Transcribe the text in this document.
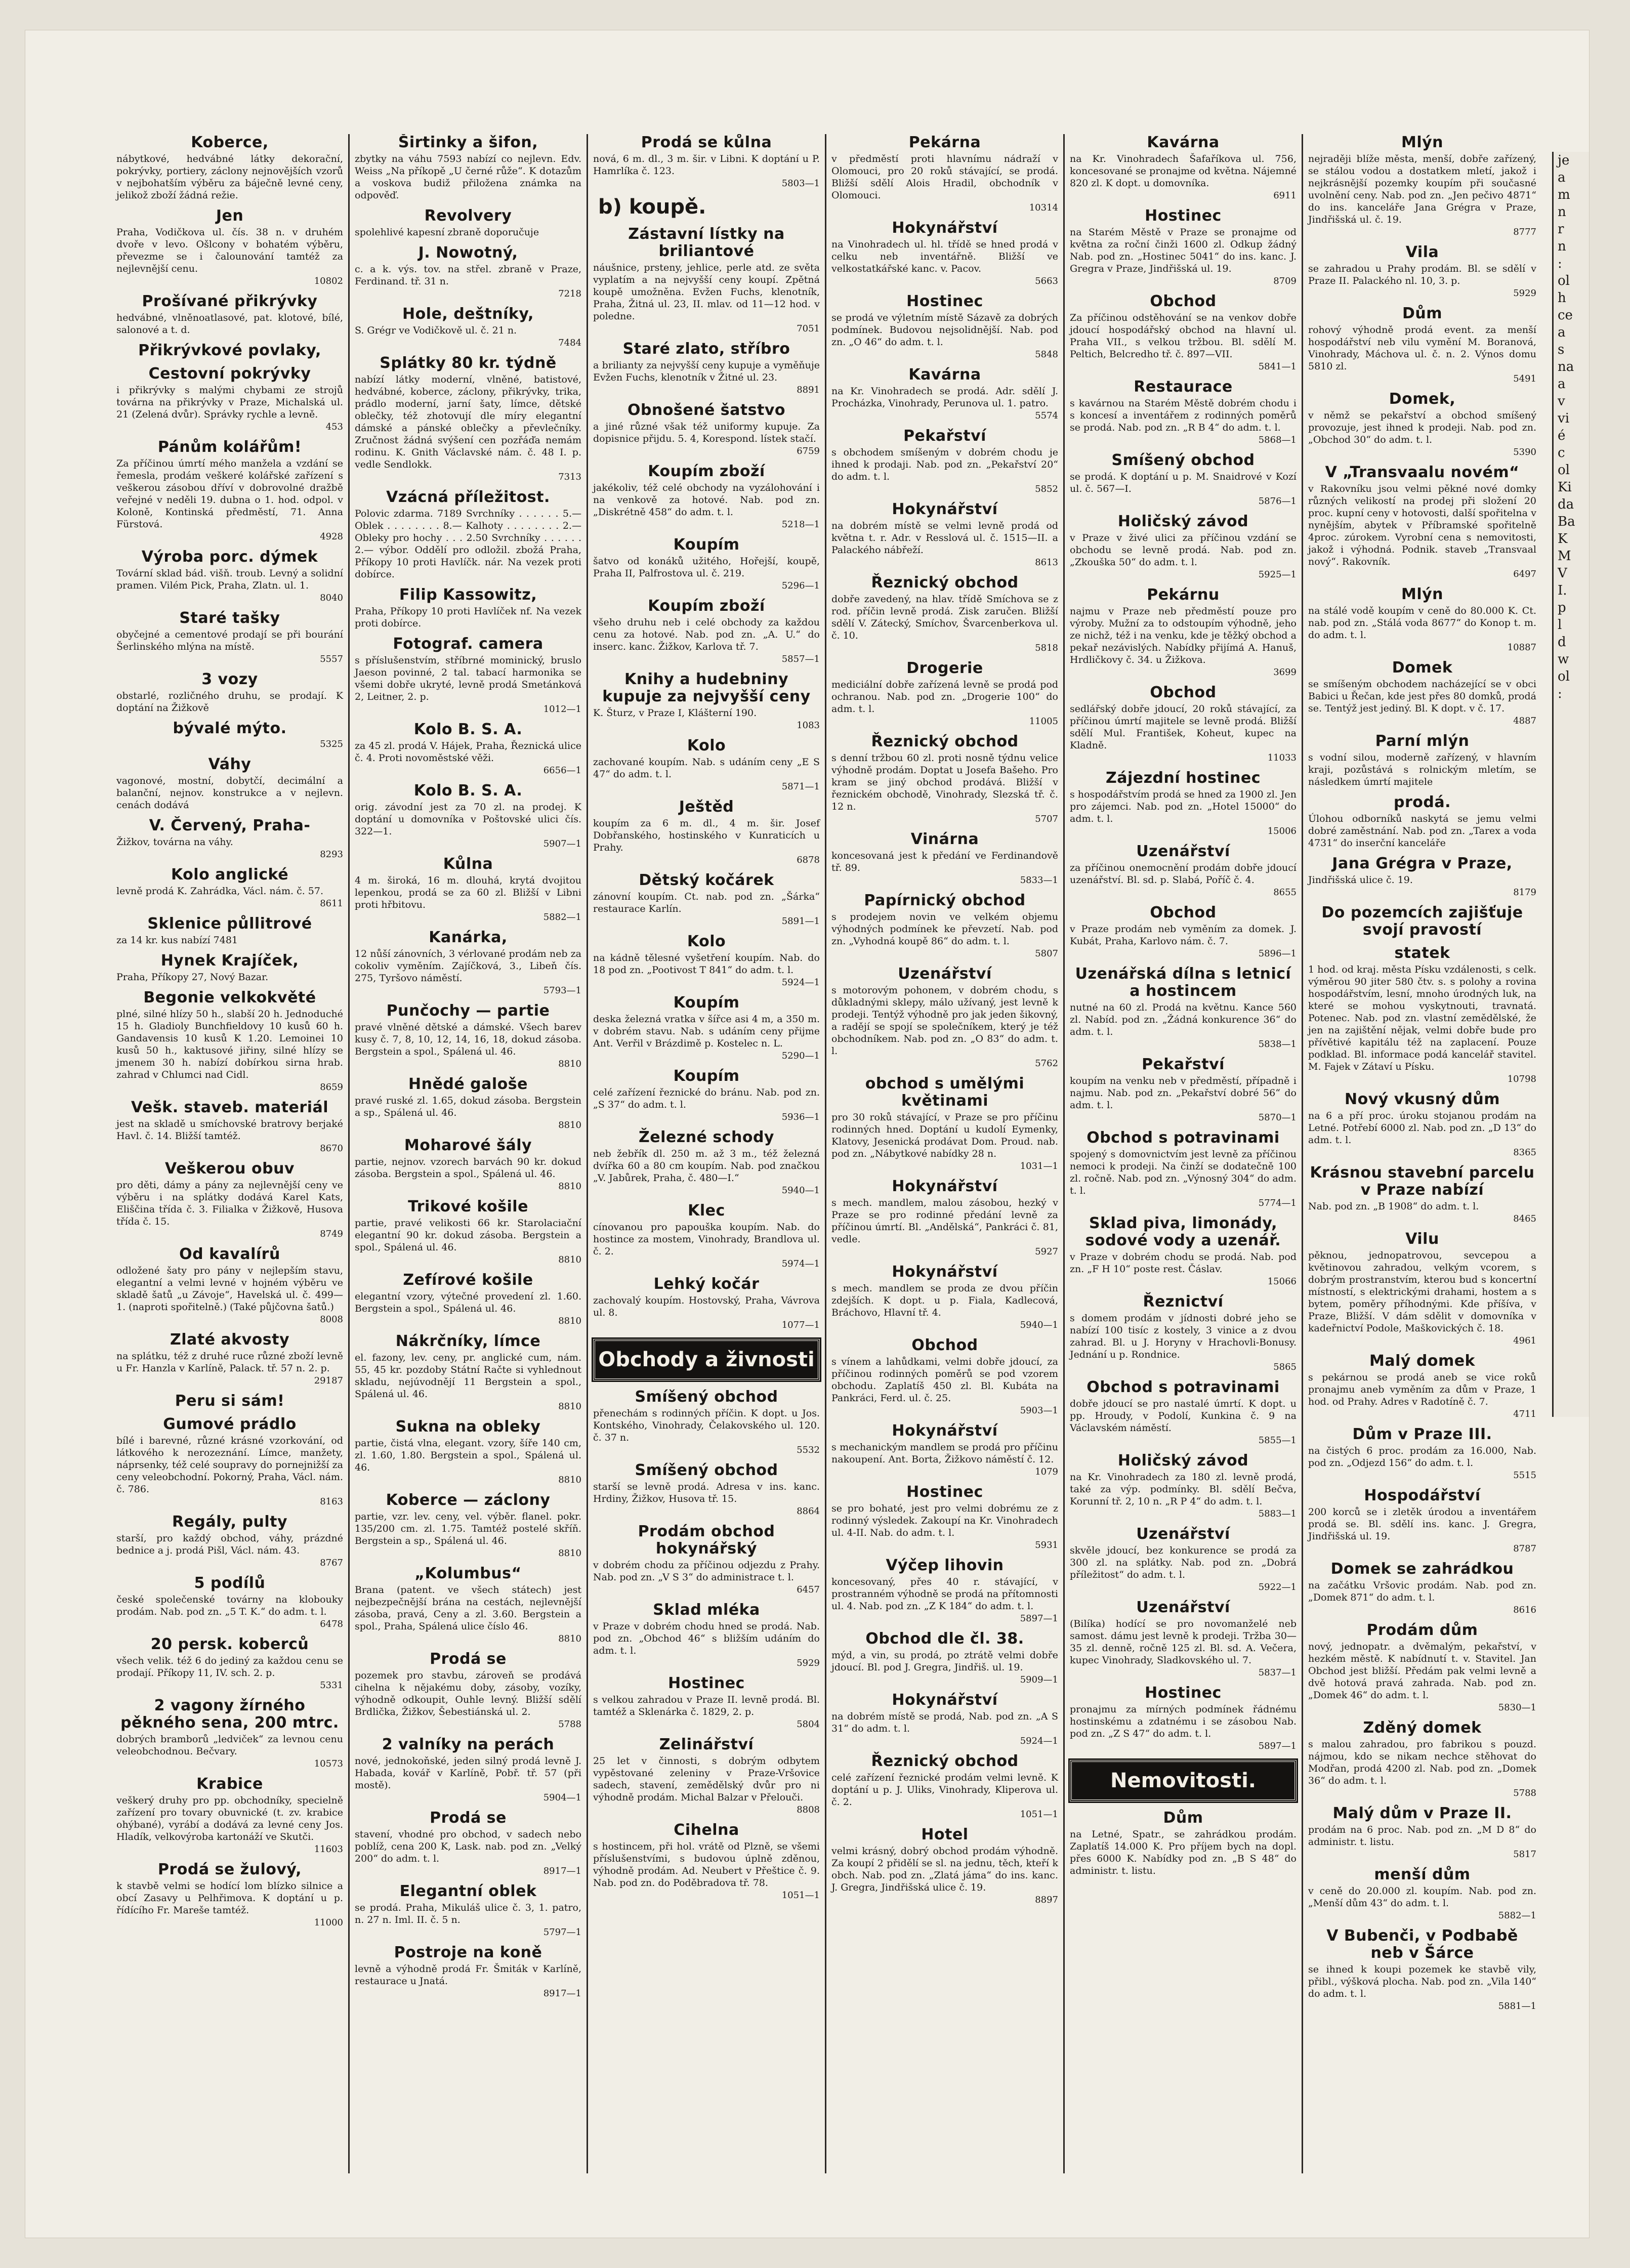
Koberce,

nábytkové, hedvábné látky dekorační, pokrývky, portiery, záclony nejnovějších vzorů v nejbohatším výběru za báječně levné ceny, jelikož zboží žádná režie.

Jen

Praha, Vodičkova ul. čís. 38 n. v druhém dvoře v levo. Ošlcony v bohatém výběru, převezme se i čalounování tamtéž za nejlevnější cenu.

10802
Prošívané přikrývky

hedvábné, vlněnoatlasové, pat. klotové, bílé, salonové a t. d.

Přikrývkové povlaky,
Cestovní pokrývky

i přikrývky s malými chybami ze strojů továrna na přikrývky v Praze, Michalská ul. 21 (Zelená dvůr). Správky rychle a levně.

453
Pánům kolářům!

Za příčinou úmrtí mého manžela a vzdání se řemesla, prodám veškeré kolářské zařízení s veškerou zásobou dříví v dobrovolné dražbě veřejné v neděli 19. dubna o 1. hod. odpol. v Koloně, Kontinská předměstí, 71. Anna Fürstová.

4928
Výroba porc. dýmek

Tovární sklad bád. višň. troub. Levný a solidní pramen. Vilém Pick, Praha, Zlatn. ul. 1.

8040
Staré tašky

obyčejné a cementové prodají se při bourání Šerlinského mlýna na místě.

5557
3 vozy

obstarlé, rozličného druhu, se prodají. K doptání na Žižkově

bývalé mýto.
5325
Váhy

vagonové, mostní, dobytčí, decimální a balanční, nejnov. konstrukce a v nejlevn. cenách dodává

V. Červený, Praha-

Žižkov, továrna na váhy.

8293
Kolo anglické

levně prodá K. Zahrádka, Václ. nám. č. 57.

8611
Sklenice půllitrové

za 14 kr. kus nabízí 7481

Hynek Krajíček,

Praha, Příkopy 27, Nový Bazar.

Begonie velkokvěté

plné, silné hlízy 50 h., slabší 20 h. Jednoduché 15 h. Gladioly Bunchfieldovy 10 kusů 60 h. Gandavensis 10 kusů K 1.20. Lemoinei 10 kusů 50 h., kaktusové jiřiny, silné hlízy se jmenem 30 h. nabízí dobírkou sirna hrab. zahrad v Chlumci nad Cidl.

8659
Vešk. staveb. materiál

jest na skladě u smíchovské bratrovy berjaké Havl. č. 14. Bližší tamtéž.

8670
Veškerou obuv

pro děti, dámy a pány za nejlevnější ceny ve výběru i na splátky dodává Karel Kats, Eliščina třída č. 3. Filialka v Žižkově, Husova třída č. 15.

8749
Od kavalírů

odložené šaty pro pány v nejlepším stavu, elegantní a velmi levné v hojném výběru ve skladě šatů „u Závoje“, Havelská ul. č. 499—1. (naproti spořitelně.) (Také půjčovna šatů.)

8008
Zlaté akvosty

na splátku, též z druhé ruce různé zboží levně u Fr. Hanzla v Karlíně, Palack. tř. 57 n. 2. p.

29187
Peru si sám!
Gumové prádlo

bílé i barevné, různé krásné vzorkování, od látkového k nerozeznání. Límce, manžety, náprsenky, též celé soupravy do pornejnižší za ceny veleobchodní. Pokorný, Praha, Václ. nám. č. 786.

8163
Regály, pulty

starší, pro každý obchod, váhy, prázdné bednice a j. prodá Pišl, Václ. nám. 43.

8767
5 podílů

české společenské továrny na klobouky prodám. Nab. pod zn. „5 T. K.“ do adm. t. l.

6478
20 persk. koberců

všech velik. též 6 do jediný za každou cenu se prodají. Příkopy 11, IV. sch. 2. p.

5331
2 vagony žírného pěkného sena, 200 mtrc.

dobrých bramborů „ledviček“ za levnou cenu veleobchodnou. Bečvary.

10573
Krabice

veškerý druhy pro pp. obchodníky, specielně zařízení pro tovary obuvnické (t. zv. krabice ohýbané), vyrábí a dodává za levné ceny Jos. Hladík, velkovýroba kartonáží ve Skutči.

11603
Prodá se žulový,

k stavbě velmi se hodící lom blízko silnice a obcí Zasavy u Pelhřimova. K doptání u p. řídícího Fr. Mareše tamtéž.

11000
Širtinky a šifon,

zbytky na váhu 7593 nabízí co nejlevn. Edv. Weiss „Na příkopě „U černé růže“. K dotazům a voskova budiž přiložena známka na odpověď.

Revolvery

spolehlivé kapesní zbraně doporučuje

J. Nowotný,

c. a k. výs. tov. na střel. zbraně v Praze, Ferdinand. tř. 31 n.

7218
Hole, deštníky,

S. Grégr ve Vodičkově ul. č. 21 n.

7484
Splátky 80 kr. týdně

nabízí látky moderní, vlněné, batistové, hedvábné, koberce, záclony, přikrývky, trika, prádlo moderní, jarní šaty, límce, dětské oblečky, též zhotovují dle míry elegantní dámské a pánské oblečky a převlečníky. Zručnost žádná svýšení cen pozřáďa nemám rodinu. K. Gnith Václavské nám. č. 48 I. p. vedle Sendlokk.

7313
Vzácná příležitost.

Polovic zdarma. 7189 Svrchníky . . . . . . 5.— Oblek . . . . . . . . 8.— Kalhoty . . . . . . . . 2.— Obleky pro hochy . . . 2.50 Svrchníky . . . . . . 2.— výbor. Oddělí pro odložil. zbožá Praha, Příkopy 10 proti Havlíčk. nár. Na vezek proti dobírce.

Filip Kassowitz,

Praha, Příkopy 10 proti Havlíček nf. Na vezek proti dobírce.

Fotograf. camera

s příslušenstvím, stříbrné mominický, bruslo Jaeson povinné, 2 tal. tabací harmonika se všemi dobře ukryté, levně prodá Smetánková 2, Leitner, 2. p.

1012—1
Kolo B. S. A.

za 45 zl. prodá V. Hájek, Praha, Řeznická ulice č. 4. Proti novoměstské věži.

6656—1
Kolo B. S. A.

orig. závodní jest za 70 zl. na prodej. K doptání u domovníka v Poštovské ulici čís. 322—1.

5907—1
Kůlna

4 m. široká, 16 m. dlouhá, krytá dvojitou lepenkou, prodá se za 60 zl. Bližší v Libni proti hřbitovu.

5882—1
Kanárka,

12 nůší zánovních, 3 vérlované prodám neb za cokoliv vyměním. Zajíčková, 3., Libeň čís. 275, Tyršovo náměstí.

5793—1
Punčochy — partie

pravé vlněné dětské a dámské. Všech barev kusy č. 7, 8, 10, 12, 14, 16, 18, dokud zásoba. Bergstein a spol., Spálená ul. 46.

8810
Hnědé galoše

pravé ruské zl. 1.65, dokud zásoba. Bergstein a sp., Spálená ul. 46.

8810
Moharové šály

partie, nejnov. vzorech barvách 90 kr. dokud zásoba. Bergstein a spol., Spálená ul. 46.

8810
Trikové košile

partie, pravé velikosti 66 kr. Starolaciační elegantní 90 kr. dokud zásoba. Bergstein a spol., Spálená ul. 46.

8810
Zefírové košile

elegantní vzory, výtečné provedení zl. 1.60. Bergstein a spol., Spálená ul. 46.

8810
Nákrčníky, límce

el. fazony, lev. ceny, pr. anglické cum, nám. 55, 45 kr. pozdoby Státní Račte si vyhlednout skladu, nejúvodnějí 11 Bergstein a spol., Spálená ul. 46.

8810
Sukna na obleky

partie, čistá vlna, elegant. vzory, šíře 140 cm, zl. 1.60, 1.80. Bergstein a spol., Spálená ul. 46.

8810
Koberce — záclony

partie, vzr. lev. ceny, vel. výběr. flanel. pokr. 135/200 cm. zl. 1.75. Tamtéž postelé skříň. Bergstein a sp., Spálená ul. 46.

8810
„Kolumbus“

Brana (patent. ve všech státech) jest nejbezpečnější brána na cestách, nejlevnější zásoba, pravá, Ceny a zl. 3.60. Bergstein a spol., Praha, Spálená ulice číslo 46.

8810
Prodá se

pozemek pro stavbu, zároveň se prodává cihelna k nějakému doby, zásoby, vozíky, výhodně odkoupit, Ouhle levný. Bližší sdělí Brdlička, Žižkov, Šebestiánská ul. 2.

5788
2 valníky na perách

nové, jednokoňské, jeden silný prodá levně J. Habada, kovář v Karlíně, Pobř. tř. 57 (při mostě).

5904—1
Prodá se

stavení, vhodné pro obchod, v sadech nebo poblíž, cena 200 K, Lask. nab. pod zn. „Velký 200“ do adm. t. l.

8917—1
Elegantní oblek

se prodá. Praha, Mikuláš ulice č. 3, 1. patro, n. 27 n. Iml. II. č. 5 n.

5797—1
Postroje na koně

levně a výhodně prodá Fr. Šmiták v Karlíně, restaurace u Jnatá.

8917—1
Prodá se kůlna

nová, 6 m. dl., 3 m. šir. v Libni. K doptání u P. Hamrlíka č. 123.

5803—1
b) koupě.
Zástavní lístky na briliantové

náušnice, prsteny, jehlice, perle atd. ze světa vyplatím a na nejvyšší ceny koupí. Zpětná koupě umožněna. Evžen Fuchs, klenotník, Praha, Žitná ul. 23, II. mlav. od 11—12 hod. v poledne.

7051
Staré zlato, stříbro

a brilianty za nejvyšší ceny kupuje a vyměňuje Evžen Fuchs, klenotník v Žitné ul. 23.

8891
Obnošené šatstvo

a jiné různé však též uniformy kupuje. Za dopisnice přijdu. 5. 4, Korespond. lístek stačí.

6759
Koupím zboží

jakékoliv, též celé obchody na vyzálohování i na venkově za hotové. Nab. pod zn. „Diskrétně 458“ do adm. t. l.

5218—1
Koupím

šatvo od konáků užitého, Hořejší, koupě, Praha II, Palfrostova ul. č. 219.

5296—1
Koupím zboží

všeho druhu neb i celé obchody za každou cenu za hotové. Nab. pod zn. „A. U.“ do inserc. kanc. Žižkov, Karlova tř. 7.

5857—1
Knihy a hudebniny kupuje za nejvyšší ceny

K. Šturz, v Praze I, Klášterní 190.

1083
Kolo

zachované koupím. Nab. s udáním ceny „E S 47“ do adm. t. l.

5871—1
Ještěd

koupím za 6 m. dl., 4 m. šir. Josef Dobřanského, hostinského v Kunraticích u Prahy.

6878
Dětský kočárek

zánovní koupím. Ct. nab. pod zn. „Šárka“ restaurace Karlín.

5891—1
Kolo

na kádně tělesné vyšetření koupím. Nab. do 18 pod zn. „Pootivost T 841“ do adm. t. l.

5924—1
Koupím

deska železná vratka v šířce asi 4 m, a 350 m. v dobrém stavu. Nab. s udáním ceny přijme Ant. Verřil v Brázdimě p. Kostelec n. L.

5290—1
Koupím

celé zařízení řeznické do bránu. Nab. pod zn. „S 37“ do adm. t. l.

5936—1
Železné schody

neb žebřík dl. 250 m. až 3 m., též železná dvířka 60 a 80 cm koupím. Nab. pod značkou „V. Jabůrek, Praha, č. 480—I.“

5940—1
Klec

cínovanou pro papouška koupím. Nab. do hostince za mostem, Vinohrady, Brandlova ul. č. 2.

5974—1
Lehký kočár

zachovalý koupím. Hostovský, Praha, Vávrova ul. 8.

1077—1
Obchody a živnosti
Smíšený obchod

přenechám s rodinných příčin. K dopt. u Jos. Kontského, Vinohrady, Čelakovského ul. 120. č. 37 n.

5532
Smíšený obchod

starší se levně prodá. Adresa v ins. kanc. Hrdiny, Žižkov, Husova tř. 15.

8864
Prodám obchod hokynářský

v dobrém chodu za příčinou odjezdu z Prahy. Nab. pod zn. „V S 3“ do administrace t. l.

6457
Sklad mléka

v Praze v dobrém chodu hned se prodá. Nab. pod zn. „Obchod 46“ s bližším udáním do adm. t. l.

5929
Hostinec

s velkou zahradou v Praze II. levně prodá. Bl. tamtéž a Sklenárka č. 1829, 2. p.

5804
Zelinářství

25 let v činnosti, s dobrým odbytem vypěstované zeleniny v Praze-Vršovice sadech, stavení, zemědělský dvůr pro ni výhodně prodám. Michal Balzar v Přelouči.

8808
Cihelna

s hostincem, při hol. vrátě od Plzně, se všemi příslušenstvími, s budovou úplně zděnou, výhodně prodám. Ad. Neubert v Přeštice č. 9. Nab. pod zn. do Poděbradova tř. 78.

1051—1
Pekárna

v předměstí proti hlavnímu nádraží v Olomouci, pro 20 roků stávající, se prodá. Bližší sdělí Alois Hradil, obchodník v Olomouci.

10314
Hokynářství

na Vinohradech ul. hl. třídě se hned prodá v celku neb inventářně. Bližší ve velkostatkářské kanc. v. Pacov.

5663
Hostinec

se prodá ve výletním místě Sázavě za dobrých podmínek. Budovou nejsolidnější. Nab. pod zn. „O 46“ do adm. t. l.

5848
Kavárna

na Kr. Vinohradech se prodá. Adr. sdělí J. Procházka, Vinohrady, Perunova ul. 1. patro.

5574
Pekařství

s obchodem smíšeným v dobrém chodu je ihned k prodaji. Nab. pod zn. „Pekařství 20“ do adm. t. l.

5852
Hokynářství

na dobrém místě se velmi levně prodá od května t. r. Adr. v Resslová ul. č. 1515—II. a Palackého nábřeží.

8613
Řeznický obchod

dobře zavedený, na hlav. třídě Smíchova se z rod. příčin levně prodá. Zisk zaručen. Bližší sdělí V. Zátecký, Smíchov, Švarcenberkova ul. č. 10.

5818
Drogerie

mediciální dobře zařízená levně se prodá pod ochranou. Nab. pod zn. „Drogerie 100“ do adm. t. l.

11005
Řeznický obchod

s denní tržbou 60 zl. proti nosně týdnu velice výhodně prodám. Doptat u Josefa Bašeho. Pro kram se jiný obchod prodává. Bližší v řeznickém obchodě, Vinohrady, Slezská tř. č. 12 n.

5707
Vinárna

koncesovaná jest k předání ve Ferdinandově tř. 89.

5833—1
Papírnický obchod

s prodejem novin ve velkém objemu výhodných podmínek ke převzetí. Nab. pod zn. „Vyhodná koupě 86“ do adm. t. l.

5807
Uzenářství

s motorovým pohonem, v dobrém chodu, s důkladnými sklepy, málo užívaný, jest levně k prodeji. Tentýž výhodně pro jak jeden šikovný, a radějí se spojí se společníkem, který je též obchodníkem. Nab. pod zn. „O 83“ do adm. t. l.

5762
obchod s umělými květinami

pro 30 roků stávající, v Praze se pro příčinu rodinných hned. Doptání u kudolí Eymenky, Klatovy, Jesenická prodávat Dom. Proud. nab. pod zn. „Nábytkové nabídky 28 n.

1031—1
Hokynářství

s mech. mandlem, malou zásobou, hezký v Praze se pro rodinné předání levně za příčinou úmrtí. Bl. „Andělská“, Pankráci č. 81, vedle.

5927
Hokynářství

s mech. mandlem se proda ze dvou příčin zdejších. K dopt. u p. Fiala, Kadlecová, Bráchovo, Hlavní tř. 4.

5940—1
Obchod

s vínem a lahůdkami, velmi dobře jdoucí, za příčinou rodinných poměrů se pod vzorem obchodu. Zaplatíš 450 zl. Bl. Kubáta na Pankráci, Ferd. ul. č. 25.

5903—1
Hokynářství

s mechanickým mandlem se prodá pro příčinu nakoupení. Ant. Borta, Žižkovo náměstí č. 12.

1079
Hostinec

se pro bohaté, jest pro velmi dobrému ze z rodinný výsledek. Zakoupí na Kr. Vinohradech ul. 4-II. Nab. do adm. t. l.

5931
Výčep lihovin

koncesovaný, přes 40 r. stávající, v prostranném výhodně se prodá na přítomnosti ul. 4. Nab. pod zn. „Z K 184“ do adm. t. l.

5897—1
Obchod dle čl. 38.

mýd, a vin, su prodá, po ztrátě velmi dobře jdoucí. Bl. pod J. Gregra, Jindřiš. ul. 19.

5909—1
Hokynářství

na dobrém místě se prodá, Nab. pod zn. „A S 31“ do adm. t. l.

5924—1
Řeznický obchod

celé zařízení řeznické prodám velmi levně. K doptání u p. J. Uliks, Vinohrady, Kliperova ul. č. 2.

1051—1
Hotel

velmi krásný, dobrý obchod prodám výhodně. Za koupí 2 přidělí se sl. na jednu, těch, kteří k obch. Nab. pod zn. „Zlatá jáma“ do ins. kanc. J. Gregra, Jindřišská ulice č. 19.

8897
Kavárna

na Kr. Vinohradech Šafaříkova ul. 756, koncesované se pronajme od května. Nájemné 820 zl. K dopt. u domovníka.

6911
Hostinec

na Starém Městě v Praze se pronajme od května za roční činži 1600 zl. Odkup žádný Nab. pod zn. „Hostinec 5041“ do ins. kanc. J. Gregra v Praze, Jindřišská ul. 19.

8709
Obchod

Za příčinou odstěhování se na venkov dobře jdoucí hospodářský obchod na hlavní ul. Praha VII., s velkou tržbou. Bl. sdělí M. Peltich, Belcredho tř. č. 897—VII.

5841—1
Restaurace

s kavárnou na Starém Městě dobrém chodu i s koncesí a inventářem z rodinných poměrů se prodá. Nab. pod zn. „R B 4“ do adm. t. l.

5868—1
Smíšený obchod

se prodá. K doptání u p. M. Snaidrové v Kozí ul. č. 567—I.

5876—1
Holičský závod

v Praze v živé ulici za příčinou vzdání se obchodu se levně prodá. Nab. pod zn. „Zkouška 50“ do adm. t. l.

5925—1
Pekárnu

najmu v Praze neb předměstí pouze pro výroby. Mužní za to odstoupím výhodně, jeho ze nichž, též i na venku, kde je těžký obchod a pekař nezávislých. Nabídky přijímá A. Hanuš, Hrdličkovy č. 34. u Žižkova.

3699
Obchod

sedlářský dobře jdoucí, 20 roků stávající, za příčinou úmrtí majitele se levně prodá. Bližší sdělí Mul. František, Koheut, kupec na Kladně.

11033
Zájezdní hostinec

s hospodářstvím prodá se hned za 1900 zl. Jen pro zájemci. Nab. pod zn. „Hotel 15000“ do adm. t. l.

15006
Uzenářství

za příčinou onemocnění prodám dobře jdoucí uzenářství. Bl. sd. p. Slabá, Poříč č. 4.

8655
Obchod

v Praze prodám neb vyměním za domek. J. Kubát, Praha, Karlovo nám. č. 7.

5896—1
Uzenářská dílna s letnicí a hostincem

nutné na 60 zl. Prodá na květnu. Kance 560 zl. Nabíd. pod zn. „Žádná konkurence 36“ do adm. t. l.

5838—1
Pekařství

koupím na venku neb v předměstí, případně i najmu. Nab. pod zn. „Pekařství dobré 56“ do adm. t. l.

5870—1
Obchod s potravinami

spojený s domovnictvím jest levně za příčinou nemoci k prodeji. Na činží se dodatečně 100 zl. ročně. Nab. pod zn. „Výnosný 304“ do adm. t. l.

5774—1
Sklad piva, limonády, sodové vody a uzenář.

v Praze v dobrém chodu se prodá. Nab. pod zn. „F H 10“ poste rest. Čáslav.

15066
Řeznictví

s domem prodám v jídnosti dobré jeho se nabízí 100 tisíc z kostely, 3 vinice a z dvou zahrad. Bl. u J. Horyny v Hrachovli-Bonusy. Jednání u p. Rondnice.

5865
Obchod s potravinami

dobře jdoucí se pro nastalé úmrtí. K dopt. u pp. Hroudy, v Podolí, Kunkina č. 9 na Václavském náměstí.

5855—1
Holičský závod

na Kr. Vinohradech za 180 zl. levně prodá, také za výp. podmínky. Bl. sdělí Bečva, Korunní tř. 2, 10 n. „R P 4“ do adm. t. l.

5883—1
Uzenářství

skvěle jdoucí, bez konkurence se prodá za 300 zl. na splátky. Nab. pod zn. „Dobrá příležitost“ do adm. t. l.

5922—1
Uzenářství

(Bilíka) hodící se pro novomanželé neb samost. dámu jest levně k prodeji. Tržba 30—35 zl. denně, ročně 125 zl. Bl. sd. A. Večera, kupec Vinohrady, Sladkovského ul. 7.

5837—1
Hostinec

pronajmu za mírných podmínek řádnému hostinskému a zdatnému i se zásobou Nab. pod zn. „Z S 47“ do adm. t. l.

5897—1
Nemovitosti.
Dům

na Letné, Spatr., se zahrádkou prodám. Zaplatíš 14.000 K. Pro příjem bych na dopl. přes 6000 K. Nabídky pod zn. „B S 48“ do administr. t. listu.

Mlýn

nejraději blíže města, menší, dobře zařízený, se stálou vodou a dostatkem mletí, jakož i nejkrásnější pozemky koupím při současné uvolnění ceny. Nab. pod zn. „Jen pečivo 4871“ do ins. kanceláře Jana Grégra v Praze, Jindřišská ul. č. 19.

8777
Vila

se zahradou u Prahy prodám. Bl. se sdělí v Praze II. Palackého nl. 10, 3. p.

5929
Dům

rohový výhodně prodá event. za menší hospodářství neb vilu vymění M. Boranová, Vinohrady, Máchova ul. č. n. 2. Výnos domu 5810 zl.

5491
Domek,

v němž se pekařství a obchod smíšený provozuje, jest ihned k prodeji. Nab. pod zn. „Obchod 30“ do adm. t. l.

5390
V „Transvaalu novém“

v Rakovníku jsou velmi pěkné nové domky různých velikostí na prodej při složení 20 proc. kupní ceny v hotovosti, další spořitelna v nynějším, abytek v Příbramské spořitelně 4proc. zúrokem. Vyrobní cena s nemovitosti, jakož i výhodná. Podnik. staveb „Transvaal nový“. Rakovník.

6497
Mlýn

na stálé vodě koupím v ceně do 80.000 K. Ct. nab. pod zn. „Stálá voda 8677“ do Konop t. m. do adm. t. l.

10887
Domek

se smíšeným obchodem nacházející se v obci Babici u Řečan, kde jest přes 80 domků, prodá se. Tentýž jest jediný. Bl. K dopt. v č. 17.

4887
Parní mlýn

s vodní silou, moderně zařízený, v hlavním kraji, pozůstává s rolnickým mletím, se následkem úmrtí majitele

prodá.

Úlohou odborníků naskytá se jemu velmi dobré zaměstnání. Nab. pod zn. „Tarex a voda 4731“ do inserční kanceláře

Jana Grégra v Praze,

Jindřišská ulice č. 19.

8179
Do pozemcích zajišťuje svojí pravostí
statek

1 hod. od kraj. města Písku vzdálenosti, s celk. výměrou 90 jiter 580 čtv. s. s polohy a rovina hospodářstvím, lesní, mnoho úrodných luk, na které se mohou vyskytnouti, travnatá. Potenec. Nab. pod zn. vlastní zemědělské, že jen na zajištění nějak, velmi dobře bude pro přívětivé kapitálu též na zaplacení. Pouze podklad. Bl. informace podá kancelář stavitel. M. Fajek v Zátaví u Písku.

10798
Nový vkusný dům

na 6 a pří proc. úroku stojanou prodám na Letné. Potřebí 6000 zl. Nab. pod zn. „D 13“ do adm. t. l.

8365
Krásnou stavební parcelu v Praze nabízí

Nab. pod zn. „B 1908“ do adm. t. l.

8465
Vilu

pěknou, jednopatrovou, sevcepou a květinovou zahradou, velkým vcorem, s dobrým prostranstvím, kterou bud s koncertní místností, s elektrickými drahami, hostem a s bytem, poměry příhodnými. Kde příšíva, v Praze, Bližší. V dám sdělit v domovníka v kadeřnictví Podole, Maškovických č. 18.

4961
Malý domek

s pekárnou se prodá aneb se vice roků pronajmu aneb vyměním za dům v Praze, 1 hod. od Prahy. Adres v Radotíně č. 7.

4711
Dům v Praze III.

na čistých 6 proc. prodám za 16.000, Nab. pod zn. „Odjezd 156“ do adm. t. l.

5515
Hospodářství

200 korců se i zletěk úrodou a inventářem prodá se. Bl. sdělí ins. kanc. J. Gregra, Jindřišská ul. 19.

8787
Domek se zahrádkou

na začátku Vršovic prodám. Nab. pod zn. „Domek 871“ do adm. t. l.

8616
Prodám dům

nový, jednopatr. a dvěmalým, pekařství, v hezkém městě. K nabídnutí t. v. Stavitel. Jan Obchod jest bližší. Předám pak velmi levně a dvě hotová pravá zahrada. Nab. pod zn. „Domek 46“ do adm. t. l.

5830—1
Zděný domek

s malou zahradou, pro fabrikou s pouzd. nájmou, kdo se nikam nechce stěhovat do Modřan, prodá 4200 zl. Nab. pod zn. „Domek 36“ do adm. t. l.

5788
Malý dům v Praze II.

prodám na 6 proc. Nab. pod zn. „M D 8“ do administr. t. listu.

5817
menší dům

v ceně do 20.000 zl. koupím. Nab. pod zn. „Menší dům 43“ do adm. t. l.

5882—1
V Bubenči, v Podbabě neb v Šárce

se ihned k koupi pozemek ke stavbě vily, přibl., výšková plocha. Nab. pod zn. „Vila 140“ do adm. t. l.

5881—1
je
a
m
n
r
n
:
ol
h
ce
a
s
na
a
v
vi
é
c
ol
Ki
da
Ba
K
M
V
I.
p
l
d
w
ol
:
